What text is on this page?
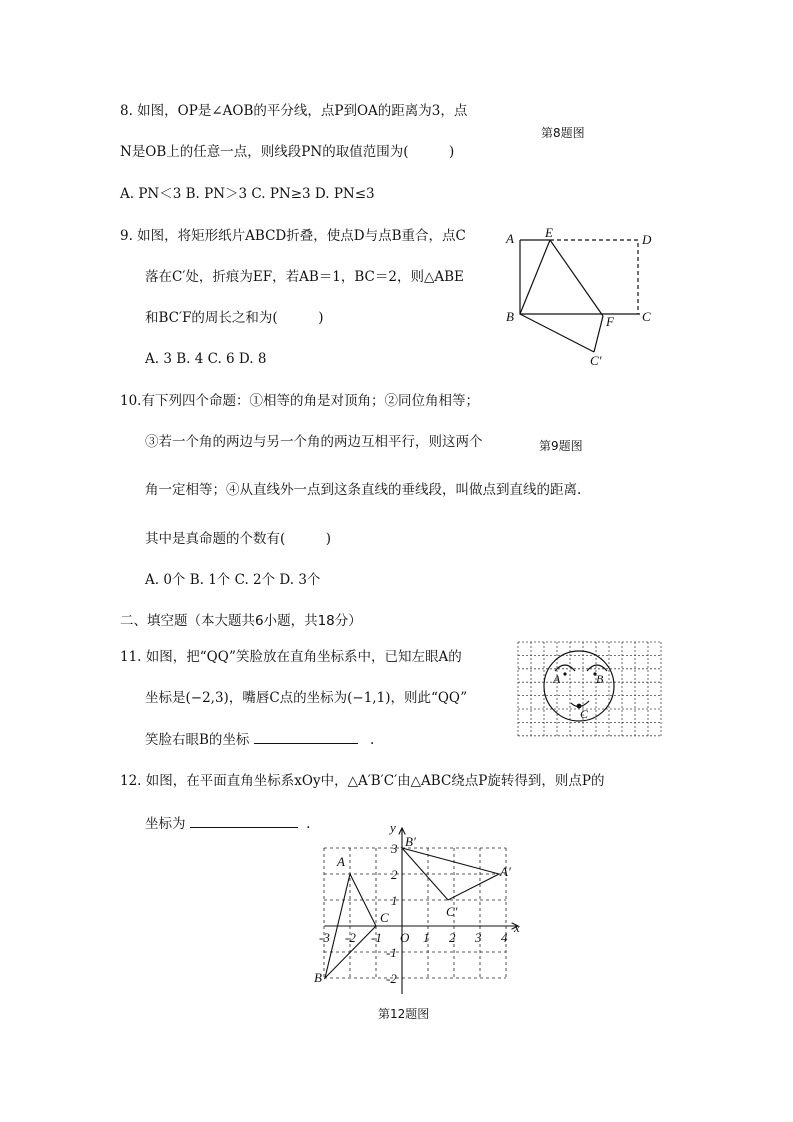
8. 如图，OP是∠AOB的平分线，点P到OA的距离为3，点
第8题图
N是OB上的任意一点，则线段PN的取值范围为(　　　)
A. PN＜3 B. PN＞3 C. PN≥3 D. PN≤3
9. 如图，将矩形纸片ABCD折叠，使点D与点B重合，点C
落在C′处，折痕为EF，若AB＝1，BC＝2，则△ABE
和BC′F的周长之和为(　　　)
A. 3 B. 4 C. 6 D. 8
A E	D
B	F C
C′
10.有下列四个命题：①相等的角是对顶角；②同位角相等；
③若一个角的两边与另一个角的两边互相平行，则这两个	第9题图
角一定相等；④从直线外一点到这条直线的垂线段，叫做点到直线的距离.
其中是真命题的个数有(　　　)
A. 0个 B. 1个 C. 2个 D. 3个
二、填空题（本大题共6小题，共18分）
11. 如图，把“QQ”笑脸放在直角坐标系中，已知左眼A的
坐标是(−2,3)，嘴唇C点的坐标为(−1,1)，则此“QQ”
笑脸右眼B的坐标	.
A	B
C
12. 如图，在平面直角坐标系xOy中，△A′B′C′由△ABC绕点P旋转得到，则点P的
坐标为	.
-3 -2 -1	1 2 3 4
3
2
1
-1
-2
y
x
O
A
B
C
A′
B′
C′
第12题图
